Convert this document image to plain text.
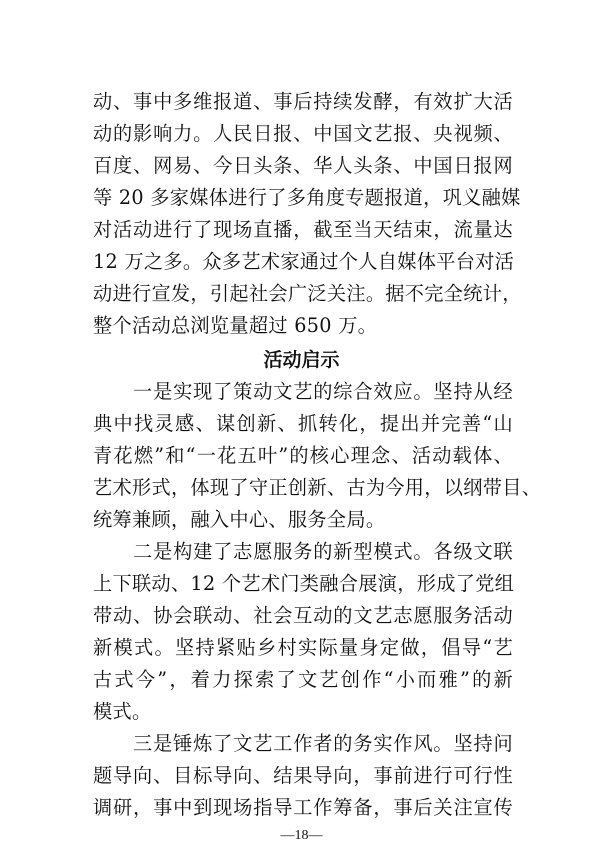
动、事中多维报道、事后持续发酵，有效扩大活
动的影响力。人民日报、中国文艺报、央视频、
百度、网易、今日头条、华人头条、中国日报网
等 20 多家媒体进行了多角度专题报道，巩义融媒
对活动进行了现场直播，截至当天结束，流量达
12 万之多。众多艺术家通过个人自媒体平台对活
动进行宣发，引起社会广泛关注。据不完全统计，
整个活动总浏览量超过 650 万。
活动启示
　　一是实现了策动文艺的综合效应。坚持从经
典中找灵感、谋创新、抓转化，提出并完善“山
青花燃”和“一花五叶”的核心理念、活动载体、
艺术形式，体现了守正创新、古为今用，以纲带目、
统筹兼顾，融入中心、服务全局。
　　二是构建了志愿服务的新型模式。各级文联
上下联动、12 个艺术门类融合展演，形成了党组
带动、协会联动、社会互动的文艺志愿服务活动
新模式。坚持紧贴乡村实际量身定做，倡导“艺
古式今”，着力探索了文艺创作“小而雅”的新
模式。
　　三是锤炼了文艺工作者的务实作风。坚持问
题导向、目标导向、结果导向，事前进行可行性
调研，事中到现场指导工作筹备，事后关注宣传
—18—
